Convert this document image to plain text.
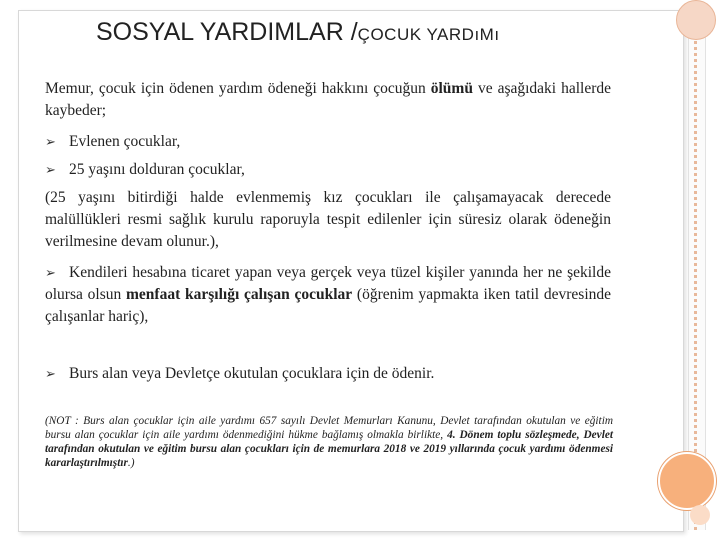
SOSYAL YARDIMLAR /ÇOCUK YARDıMı
Memur, çocuk için ödenen yardım ödeneği hakkını çocuğun ölümü ve aşağıdaki hallerde kaybeder;
➢ Evlenen çocuklar,
➢ 25 yaşını dolduran çocuklar,
(25 yaşını bitirdiği halde evlenmemiş kız çocukları ile çalışamayacak derecede malüllükleri resmi sağlık kurulu raporuyla tespit edilenler için süresiz olarak ödeneğin verilmesine devam olunur.),
➢ Kendileri hesabına ticaret yapan veya gerçek veya tüzel kişiler yanında her ne şekilde olursa olsun menfaat karşılığı çalışan çocuklar (öğrenim yapmakta iken tatil devresinde çalışanlar hariç),
➢ Burs alan veya Devletçe okutulan çocuklara için de ödenir.
(NOT : Burs alan çocuklar için aile yardımı 657 sayılı Devlet Memurları Kanunu, Devlet tarafından okutulan ve eğitim bursu alan çocuklar için aile yardımı ödenmediğini hükme bağlamış olmakla birlikte, 4. Dönem toplu sözleşmede, Devlet tarafından okutulan ve eğitim bursu alan çocukları için de memurlara 2018 ve 2019 yıllarında çocuk yardımı ödenmesi kararlaştırılmıştır.)
